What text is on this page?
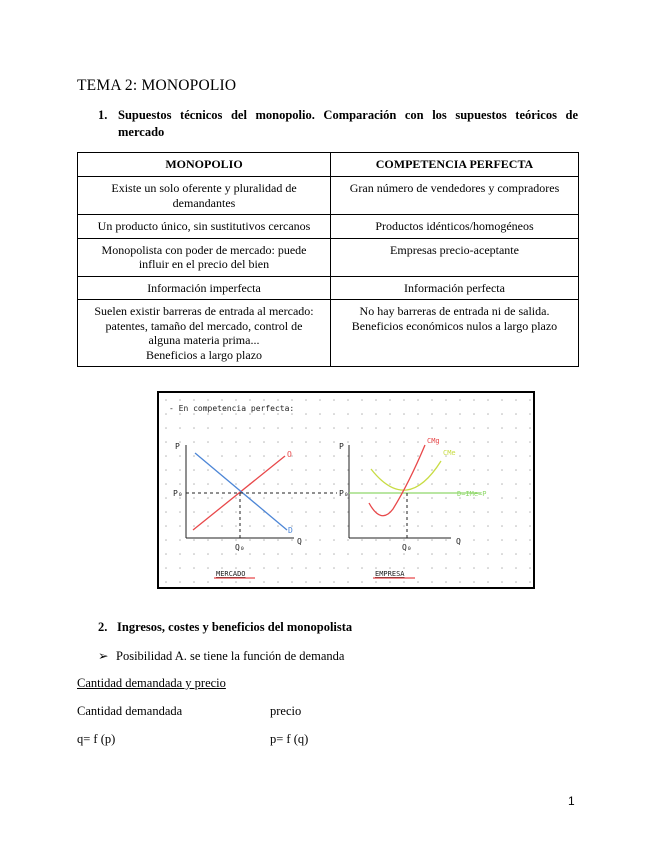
TEMA 2: MONOPOLIO
1. Supuestos técnicos del monopolio. Comparación con los supuestos teóricos de mercado
MONOPOLIO	COMPETENCIA PERFECTA
Existe un solo oferente y pluralidad de
demandantes	Gran número de vendedores y compradores
Un producto único, sin sustitutivos cercanos	Productos idénticos/homogéneos
Monopolista con poder de mercado: puede
influir en el precio del bien	Empresas precio-aceptante
Información imperfecta	Información perfecta
Suelen existir barreras de entrada al mercado:
patentes, tamaño del mercado, control de
alguna materia prima...
Beneficios a largo plazo	No hay barreras de entrada ni de salida.
Beneficios económicos nulos a largo plazo
- En competencia perfecta:
P
Q
O
D
P₀
Q₀
MERCADO
P
Q
P₀	D=IMe=P
CMe
CMg
Q₀
EMPRESA
2. Ingresos, costes y beneficios del monopolista
➢ Posibilidad A. se tiene la función de demanda
Cantidad demandada y precio
Cantidad demandada	precio
q= f (p)	p= f (q)
1
